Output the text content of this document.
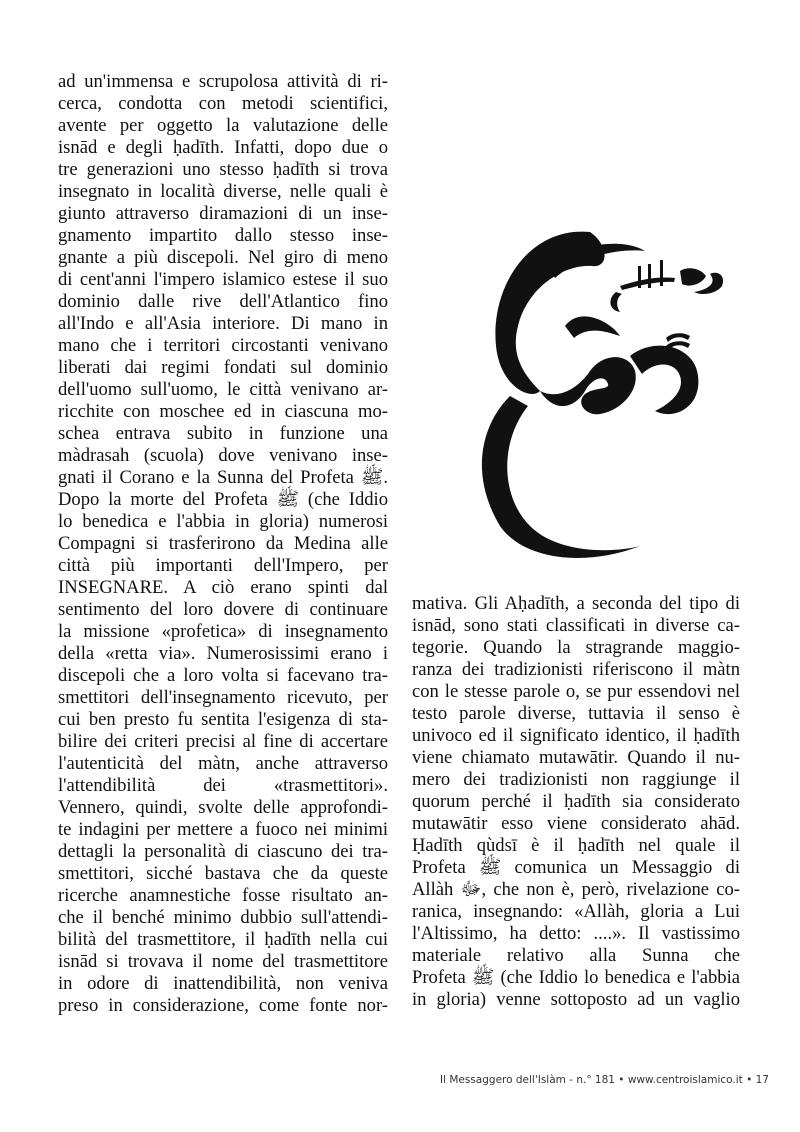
ad un'immensa e scrupolosa attività di ri-
cerca, condotta con metodi scientifici,
avente per oggetto la valutazione delle
isnād e degli ḥadīth. Infatti, dopo due o
tre generazioni uno stesso ḥadīth si trova
insegnato in località diverse, nelle quali è
giunto attraverso diramazioni di un inse-
gnamento impartito dallo stesso inse-
gnante a più discepoli. Nel giro di meno
di cent'anni l'impero islamico estese il suo
dominio dalle rive dell'Atlantico fino
all'Indo e all'Asia interiore. Di mano in
mano che i territori circostanti venivano
liberati dai regimi fondati sul dominio
dell'uomo sull'uomo, le città venivano ar-
ricchite con moschee ed in ciascuna mo-
schea entrava subito in funzione una
màdrasah (scuola) dove venivano inse-
gnati il Corano e la Sunna del Profeta ﷺ.
Dopo la morte del Profeta ﷺ (che Iddio
lo benedica e l'abbia in gloria) numerosi
Compagni si trasferirono da Medina alle
città più importanti dell'Impero, per
INSEGNARE. A ciò erano spinti dal
sentimento del loro dovere di continuare
la missione «profetica» di insegnamento
della «retta via». Numerosissimi erano i
discepoli che a loro volta si facevano tra-
smettitori dell'insegnamento ricevuto, per
cui ben presto fu sentita l'esigenza di sta-
bilire dei criteri precisi al fine di accertare
l'autenticità del màtn, anche attraverso
l'attendibilità dei «trasmettitori».
Vennero, quindi, svolte delle approfondi-
te indagini per mettere a fuoco nei minimi
dettagli la personalità di ciascuno dei tra-
smettitori, sicché bastava che da queste
ricerche anamnestiche fosse risultato an-
che il benché minimo dubbio sull'attendi-
bilità del trasmettitore, il ḥadīth nella cui
isnād si trovava il nome del trasmettitore
in odore di inattendibilità, non veniva
preso in considerazione, come fonte nor-
mativa. Gli Aḥadīth, a seconda del tipo di
isnād, sono stati classificati in diverse ca-
tegorie. Quando la stragrande maggio-
ranza dei tradizionisti riferiscono il màtn
con le stesse parole o, se pur essendovi nel
testo parole diverse, tuttavia il senso è
univoco ed il significato identico, il ḥadīth
viene chiamato mutawātir. Quando il nu-
mero dei tradizionisti non raggiunge il
quorum perché il ḥadīth sia considerato
mutawātir esso viene considerato ahād.
Ḥadīth qùdsī è il ḥadīth nel quale il
Profeta ﷺ comunica un Messaggio di
Allàh ﷻ, che non è, però, rivelazione co-
ranica, insegnando: «Allàh, gloria a Lui
l'Altissimo, ha detto: ....». Il vastissimo
materiale relativo alla Sunna che
Profeta ﷺ (che Iddio lo benedica e l'abbia
in gloria) venne sottoposto ad un vaglio
Il Messaggero dell'Islàm - n.° 181 • www.centroislamico.it • 17
